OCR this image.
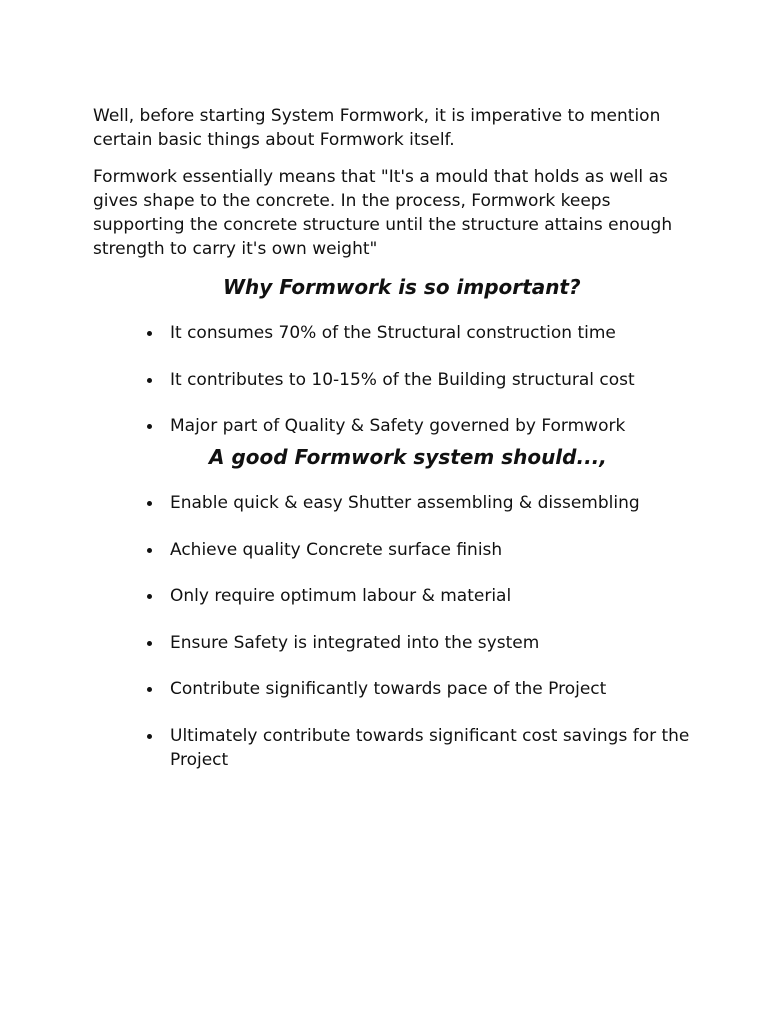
Well, before starting System Formwork, it is imperative to mention certain basic things about Formwork itself.

Formwork essentially means that "It's a mould that holds as well as gives shape to the concrete. In the process, Formwork keeps supporting the concrete structure until the structure attains enough strength to carry it's own weight"

Why Formwork is so important?
It consumes 70% of the Structural construction time
It contributes to 10-15% of the Building structural cost
Major part of Quality & Safety governed by Formwork
A good Formwork system should...,
Enable quick & easy Shutter assembling & dissembling
Achieve quality Concrete surface finish
Only require optimum labour & material
Ensure Safety is integrated into the system
Contribute significantly towards pace of the Project
Ultimately contribute towards significant cost savings for the Project
